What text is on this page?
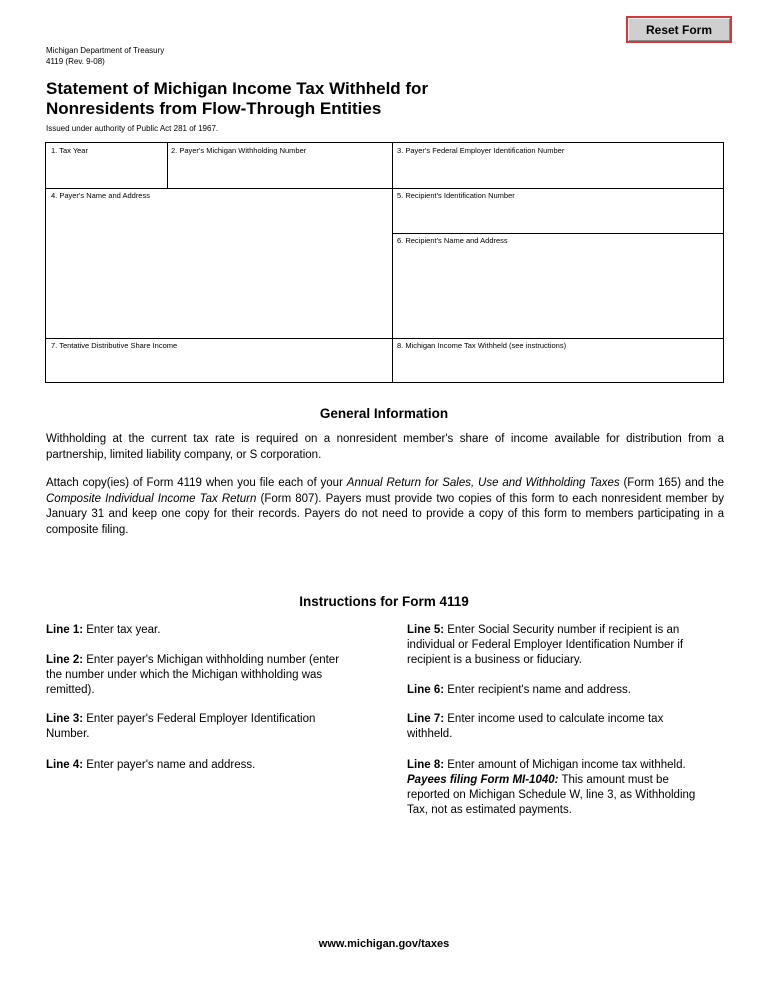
Reset Form
Michigan Department of Treasury
4119 (Rev. 9-08)
Statement of Michigan Income Tax Withheld for
Nonresidents from Flow-Through Entities
Issued under authority of Public Act 281 of 1967.
1. Tax Year	2. Payer's Michigan Withholding Number	3. Payer's Federal Employer Identification Number
4. Payer's Name and Address	5. Recipient's Identification Number
6. Recipient's Name and Address
7. Tentative Distributive Share Income	8. Michigan Income Tax Withheld (see instructions)
General Information
Withholding at the current tax rate is required on a nonresident member's share of income available for distribution from a partnership, limited liability company, or S corporation.
Attach copy(ies) of Form 4119 when you file each of your Annual Return for Sales, Use and Withholding Taxes (Form 165) and the Composite Individual Income Tax Return (Form 807). Payers must provide two copies of this form to each nonresident member by January 31 and keep one copy for their records. Payers do not need to provide a copy of this form to members participating in a composite filing.
Instructions for Form 4119
Line 1: Enter tax year.
Line 2: Enter payer's Michigan withholding number (enter the number under which the Michigan withholding was remitted).
Line 3: Enter payer's Federal Employer Identification Number.
Line 4: Enter payer's name and address.
Line 5: Enter Social Security number if recipient is an individual or Federal Employer Identification Number if recipient is a business or fiduciary.
Line 6: Enter recipient's name and address.
Line 7: Enter income used to calculate income tax withheld.
Line 8: Enter amount of Michigan income tax withheld.
Payees filing Form MI-1040: This amount must be reported on Michigan Schedule W, line 3, as Withholding Tax, not as estimated payments.
www.michigan.gov/taxes
